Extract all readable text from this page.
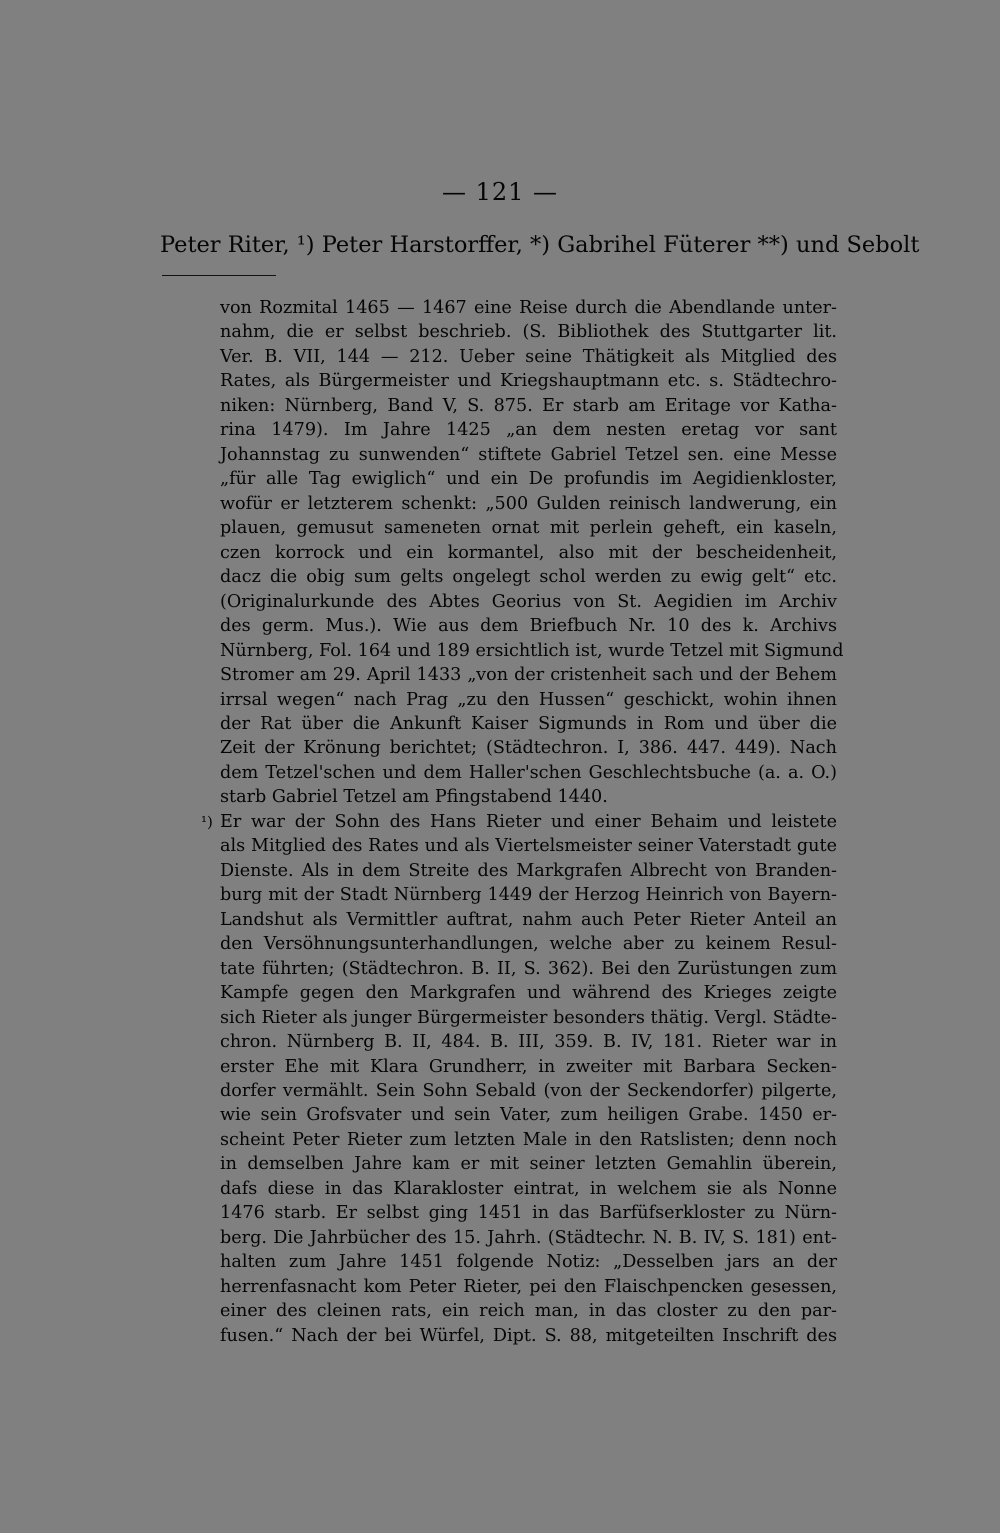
— 121 —
Peter Riter, ¹) Peter Harstorffer, *) Gabrihel Füterer **) und Sebolt
von Rozmital 1465 — 1467 eine Reise durch die Abendlande unter-
nahm, die er selbst beschrieb. (S. Bibliothek des Stuttgarter lit.
Ver. B. VII, 144 — 212. Ueber seine Thätigkeit als Mitglied des
Rates, als Bürgermeister und Kriegshauptmann etc. s. Städtechro-
niken: Nürnberg, Band V, S. 875. Er starb am Eritage vor Katha-
rina 1479). Im Jahre 1425 „an dem nesten eretag vor sant
Johannstag zu sunwenden“ stiftete Gabriel Tetzel sen. eine Messe
„für alle Tag ewiglich“ und ein De profundis im Aegidienkloster,
wofür er letzterem schenkt: „500 Gulden reinisch landwerung, ein
plauen, gemusut sameneten ornat mit perlein geheft, ein kaseln,
czen korrock und ein kormantel, also mit der bescheidenheit,
dacz die obig sum gelts ongelegt schol werden zu ewig gelt“ etc.
(Originalurkunde des Abtes Georius von St. Aegidien im Archiv
des germ. Mus.). Wie aus dem Briefbuch Nr. 10 des k. Archivs
Nürnberg, Fol. 164 und 189 ersichtlich ist, wurde Tetzel mit Sigmund
Stromer am 29. April 1433 „von der cristenheit sach und der Behem
irrsal wegen“ nach Prag „zu den Hussen“ geschickt, wohin ihnen
der Rat über die Ankunft Kaiser Sigmunds in Rom und über die
Zeit der Krönung berichtet; (Städtechron. I, 386. 447. 449). Nach
dem Tetzel'schen und dem Haller'schen Geschlechtsbuche (a. a. O.)
starb Gabriel Tetzel am Pfingstabend 1440.
¹) Er war der Sohn des Hans Rieter und einer Behaim und leistete
als Mitglied des Rates und als Viertelsmeister seiner Vaterstadt gute
Dienste. Als in dem Streite des Markgrafen Albrecht von Branden-
burg mit der Stadt Nürnberg 1449 der Herzog Heinrich von Bayern-
Landshut als Vermittler auftrat, nahm auch Peter Rieter Anteil an
den Versöhnungsunterhandlungen, welche aber zu keinem Resul-
tate führten; (Städtechron. B. II, S. 362). Bei den Zurüstungen zum
Kampfe gegen den Markgrafen und während des Krieges zeigte
sich Rieter als junger Bürgermeister besonders thätig. Vergl. Städte-
chron. Nürnberg B. II, 484. B. III, 359. B. IV, 181. Rieter war in
erster Ehe mit Klara Grundherr, in zweiter mit Barbara Secken-
dorfer vermählt. Sein Sohn Sebald (von der Seckendorfer) pilgerte,
wie sein Grofsvater und sein Vater, zum heiligen Grabe. 1450 er-
scheint Peter Rieter zum letzten Male in den Ratslisten; denn noch
in demselben Jahre kam er mit seiner letzten Gemahlin überein,
dafs diese in das Klarakloster eintrat, in welchem sie als Nonne
1476 starb. Er selbst ging 1451 in das Barfüfserkloster zu Nürn-
berg. Die Jahrbücher des 15. Jahrh. (Städtechr. N. B. IV, S. 181) ent-
halten zum Jahre 1451 folgende Notiz: „Desselben jars an der
herrenfasnacht kom Peter Rieter, pei den Flaischpencken gesessen,
einer des cleinen rats, ein reich man, in das closter zu den par-
fusen.“ Nach der bei Würfel, Dipt. S. 88, mitgeteilten Inschrift des
